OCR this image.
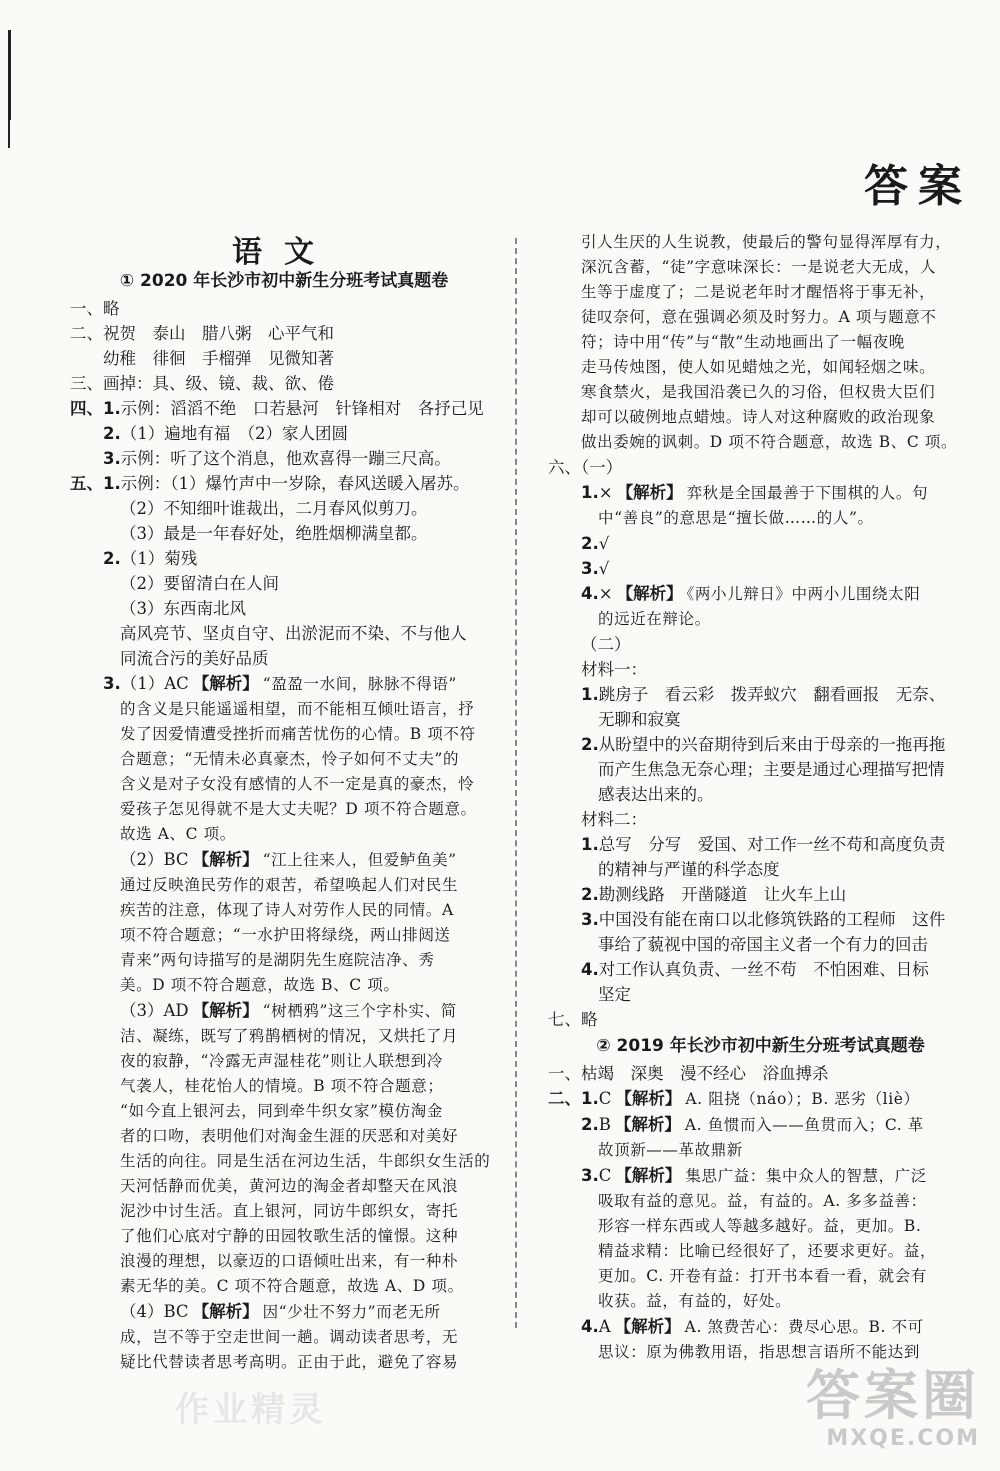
答案
语文
① 2020 年长沙市初中新生分班考试真题卷
一、略
二、祝贺　泰山　腊八粥　心平气和
幼稚　徘徊　手榴弹　见微知著
三、画掉：具、级、镜、裁、欲、倦
四、1.示例：滔滔不绝　口若悬河　针锋相对　各抒己见
2.（1）遍地有福　（2）家人团圆
3.示例：听了这个消息，他欢喜得一蹦三尺高。
五、1.示例：（1）爆竹声中一岁除，春风送暖入屠苏。
（2）不知细叶谁裁出，二月春风似剪刀。
（3）最是一年春好处，绝胜烟柳满皇都。
2.（1）菊残
（2）要留清白在人间
（3）东西南北风
高风亮节、坚贞自守、出淤泥而不染、不与他人
同流合污的美好品质
3.（1）AC 【解析】 “盈盈一水间，脉脉不得语”
的含义是只能遥遥相望，而不能相互倾吐语言，抒
发了因爱情遭受挫折而痛苦忧伤的心情。B 项不符
合题意；“无情未必真豪杰，怜子如何不丈夫”的
含义是对子女没有感情的人不一定是真的豪杰，怜
爱孩子怎见得就不是大丈夫呢？D 项不符合题意。
故选 A、C 项。
（2）BC 【解析】 “江上往来人，但爱鲈鱼美”
通过反映渔民劳作的艰苦，希望唤起人们对民生
疾苦的注意，体现了诗人对劳作人民的同情。A
项不符合题意；“一水护田将绿绕，两山排闼送
青来”两句诗描写的是湖阴先生庭院洁净、秀
美。D 项不符合题意，故选 B、C 项。
（3）AD 【解析】 “树栖鸦”这三个字朴实、简
洁、凝练，既写了鸦鹊栖树的情况，又烘托了月
夜的寂静，“冷露无声湿桂花”则让人联想到冷
气袭人，桂花怡人的情境。B 项不符合题意；
“如今直上银河去，同到牵牛织女家”模仿淘金
者的口吻，表明他们对淘金生涯的厌恶和对美好
生活的向往。同是生活在河边生活，牛郎织女生活的
天河恬静而优美，黄河边的淘金者却整天在风浪
泥沙中讨生活。直上银河，同访牛郎织女，寄托
了他们心底对宁静的田园牧歌生活的憧憬。这种
浪漫的理想，以豪迈的口语倾吐出来，有一种朴
素无华的美。C 项不符合题意，故选 A、D 项。
（4）BC 【解析】 因“少壮不努力”而老无所
成，岂不等于空走世间一趟。调动读者思考，无
疑比代替读者思考高明。正由于此，避免了容易
引人生厌的人生说教，使最后的警句显得浑厚有力，
深沉含蓄，“徒”字意味深长：一是说老大无成，人
生等于虚度了；二是说老年时才醒悟将于事无补，
徒叹奈何，意在强调必须及时努力。A 项与题意不
符；诗中用“传”与“散”生动地画出了一幅夜晚
走马传烛图，使人如见蜡烛之光，如闻轻烟之味。
寒食禁火，是我国沿袭已久的习俗，但权贵大臣们
却可以破例地点蜡烛。诗人对这种腐败的政治现象
做出委婉的讽刺。D 项不符合题意，故选 B、C 项。
六、（一）
1.× 【解析】 弈秋是全国最善于下围棋的人。句
中“善良”的意思是“擅长做……的人”。
2.√
3.√
4.× 【解析】 《两小儿辩日》中两小儿围绕太阳
的远近在辩论。
（二）
材料一：
1.跳房子　看云彩　拨弄蚁穴　翻看画报　无奈、
无聊和寂寞
2.从盼望中的兴奋期待到后来由于母亲的一拖再拖
而产生焦急无奈心理；主要是通过心理描写把情
感表达出来的。
材料二：
1.总写　分写　爱国、对工作一丝不苟和高度负责
的精神与严谨的科学态度
2.勘测线路　开凿隧道　让火车上山
3.中国没有能在南口以北修筑铁路的工程师　这件
事给了藐视中国的帝国主义者一个有力的回击
4.对工作认真负责、一丝不苟　不怕困难、日标
坚定
七、略
② 2019 年长沙市初中新生分班考试真题卷
一、枯竭　深奥　漫不经心　浴血搏杀
二、1.C 【解析】 A. 阻挠（náo）；B. 恶劣（liè）
2.B 【解析】 A. 鱼惯而入——鱼贯而入；C. 革
故顶新——革故鼎新
3.C 【解析】 集思广益：集中众人的智慧，广泛
吸取有益的意见。益，有益的。A. 多多益善：
形容一样东西或人等越多越好。益，更加。B.
精益求精：比喻已经很好了，还要求更好。益，
更加。C. 开卷有益：打开书本看一看，就会有
收获。益，有益的，好处。
4.A 【解析】 A. 煞费苦心：费尽心思。B. 不可
思议：原为佛教用语，指思想言语所不能达到
作业精灵	答案圈
MXQE.COM
